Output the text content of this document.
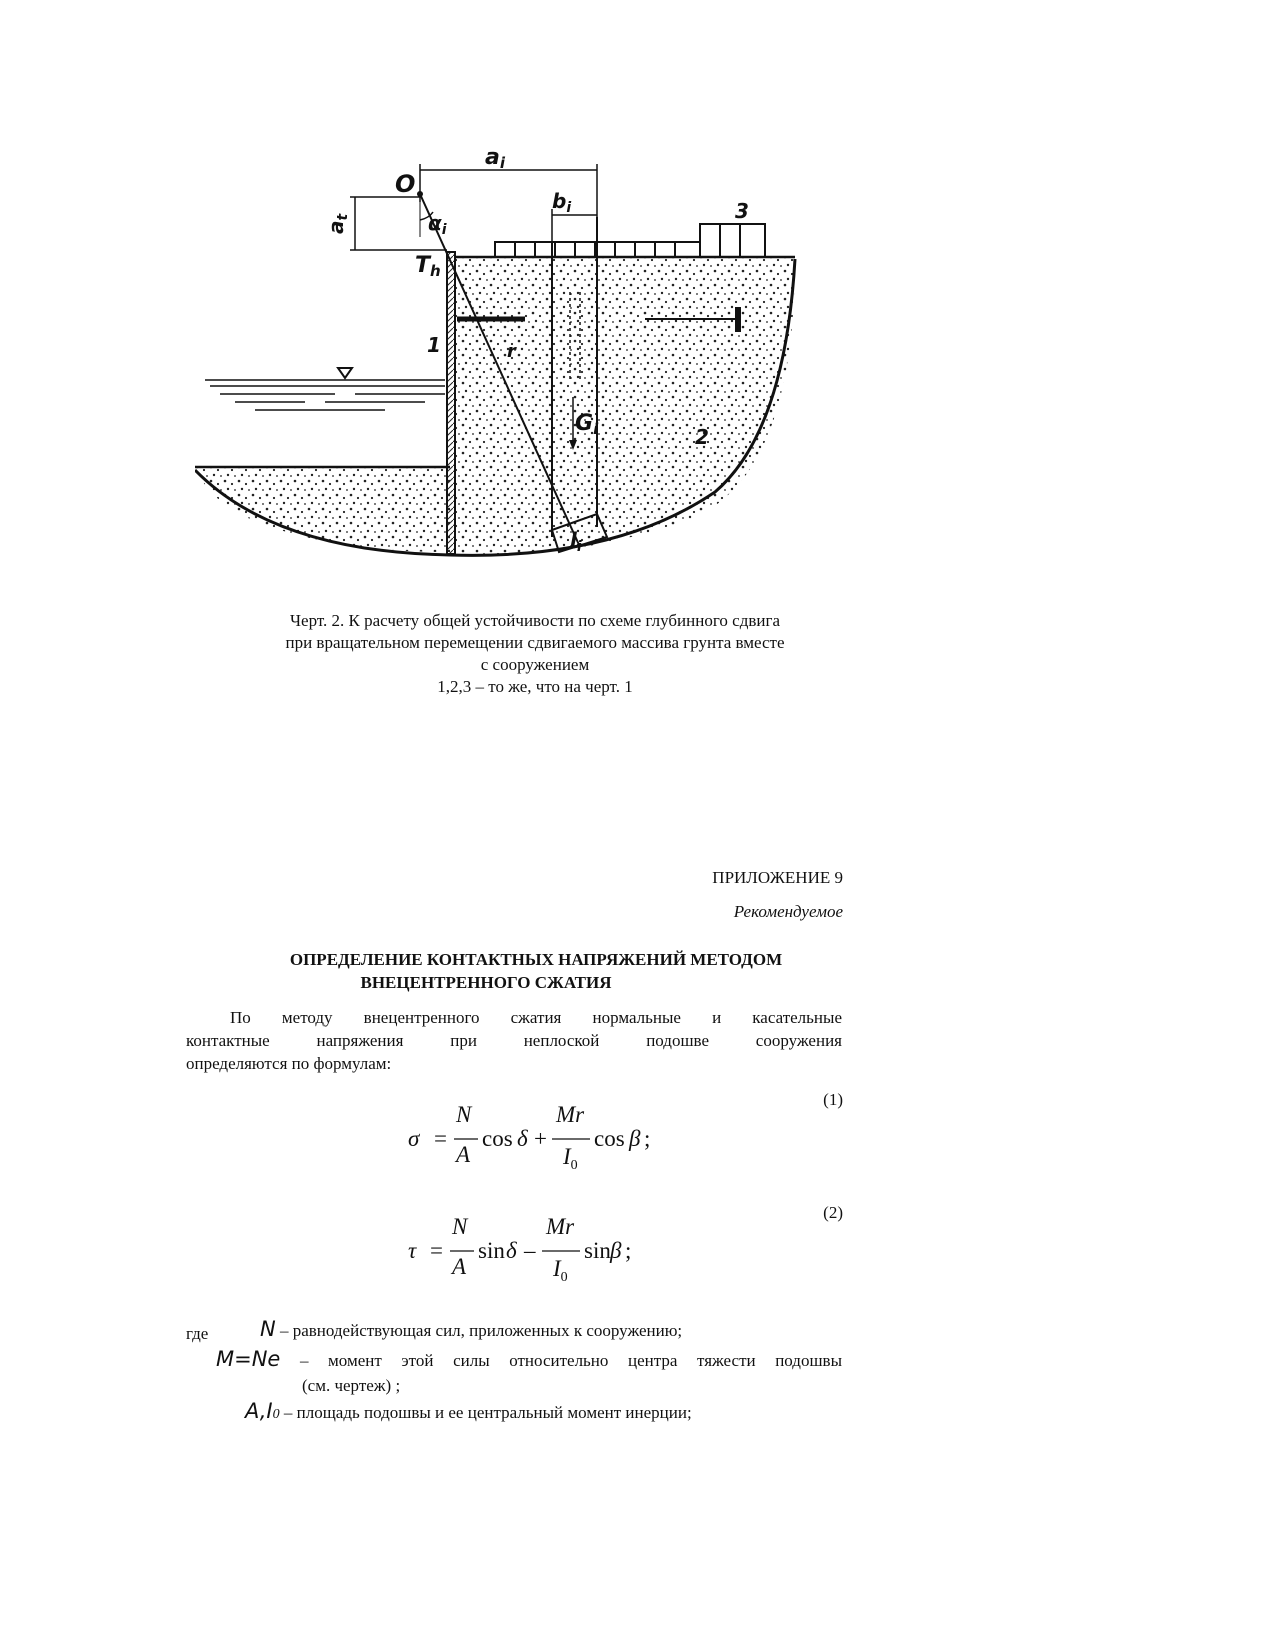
ai
O
$a_t$	$\alpha_i$
$b_i$	3
Th
1	r
Gi	2
$l_i$
Черт. 2. К расчету общей устойчивости по схеме глубинного сдвига
при вращательном перемещении сдвигаемого массива грунта вместе
с сооружением
1,2,3 – то же, что на черт. 1
ПРИЛОЖЕНИЕ 9
Рекомендуемое
ОПРЕДЕЛЕНИЕ КОНТАКТНЫХ НАПРЯЖЕНИЙ МЕТОДОМ
ВНЕЦЕНТРЕННОГО СЖАТИЯ
По методу внецентренного сжатия нормальные и касательные
контактные напряжения при неплоской подошве сооружения
определяются по формулам:
(1)
σ =
N
A
cos δ +
Mr
$I_0$
cos β ;
(2)
τ =
N
A
sin δ –
Mr
$I_0$
sin β ;
где N – равнодействующая сил, приложенных к сооружению;
M=Ne – момент этой силы относительно центра тяжести подошвы
(см. чертеж) ;
A,I0 – площадь подошвы и ее центральный момент инерции;
